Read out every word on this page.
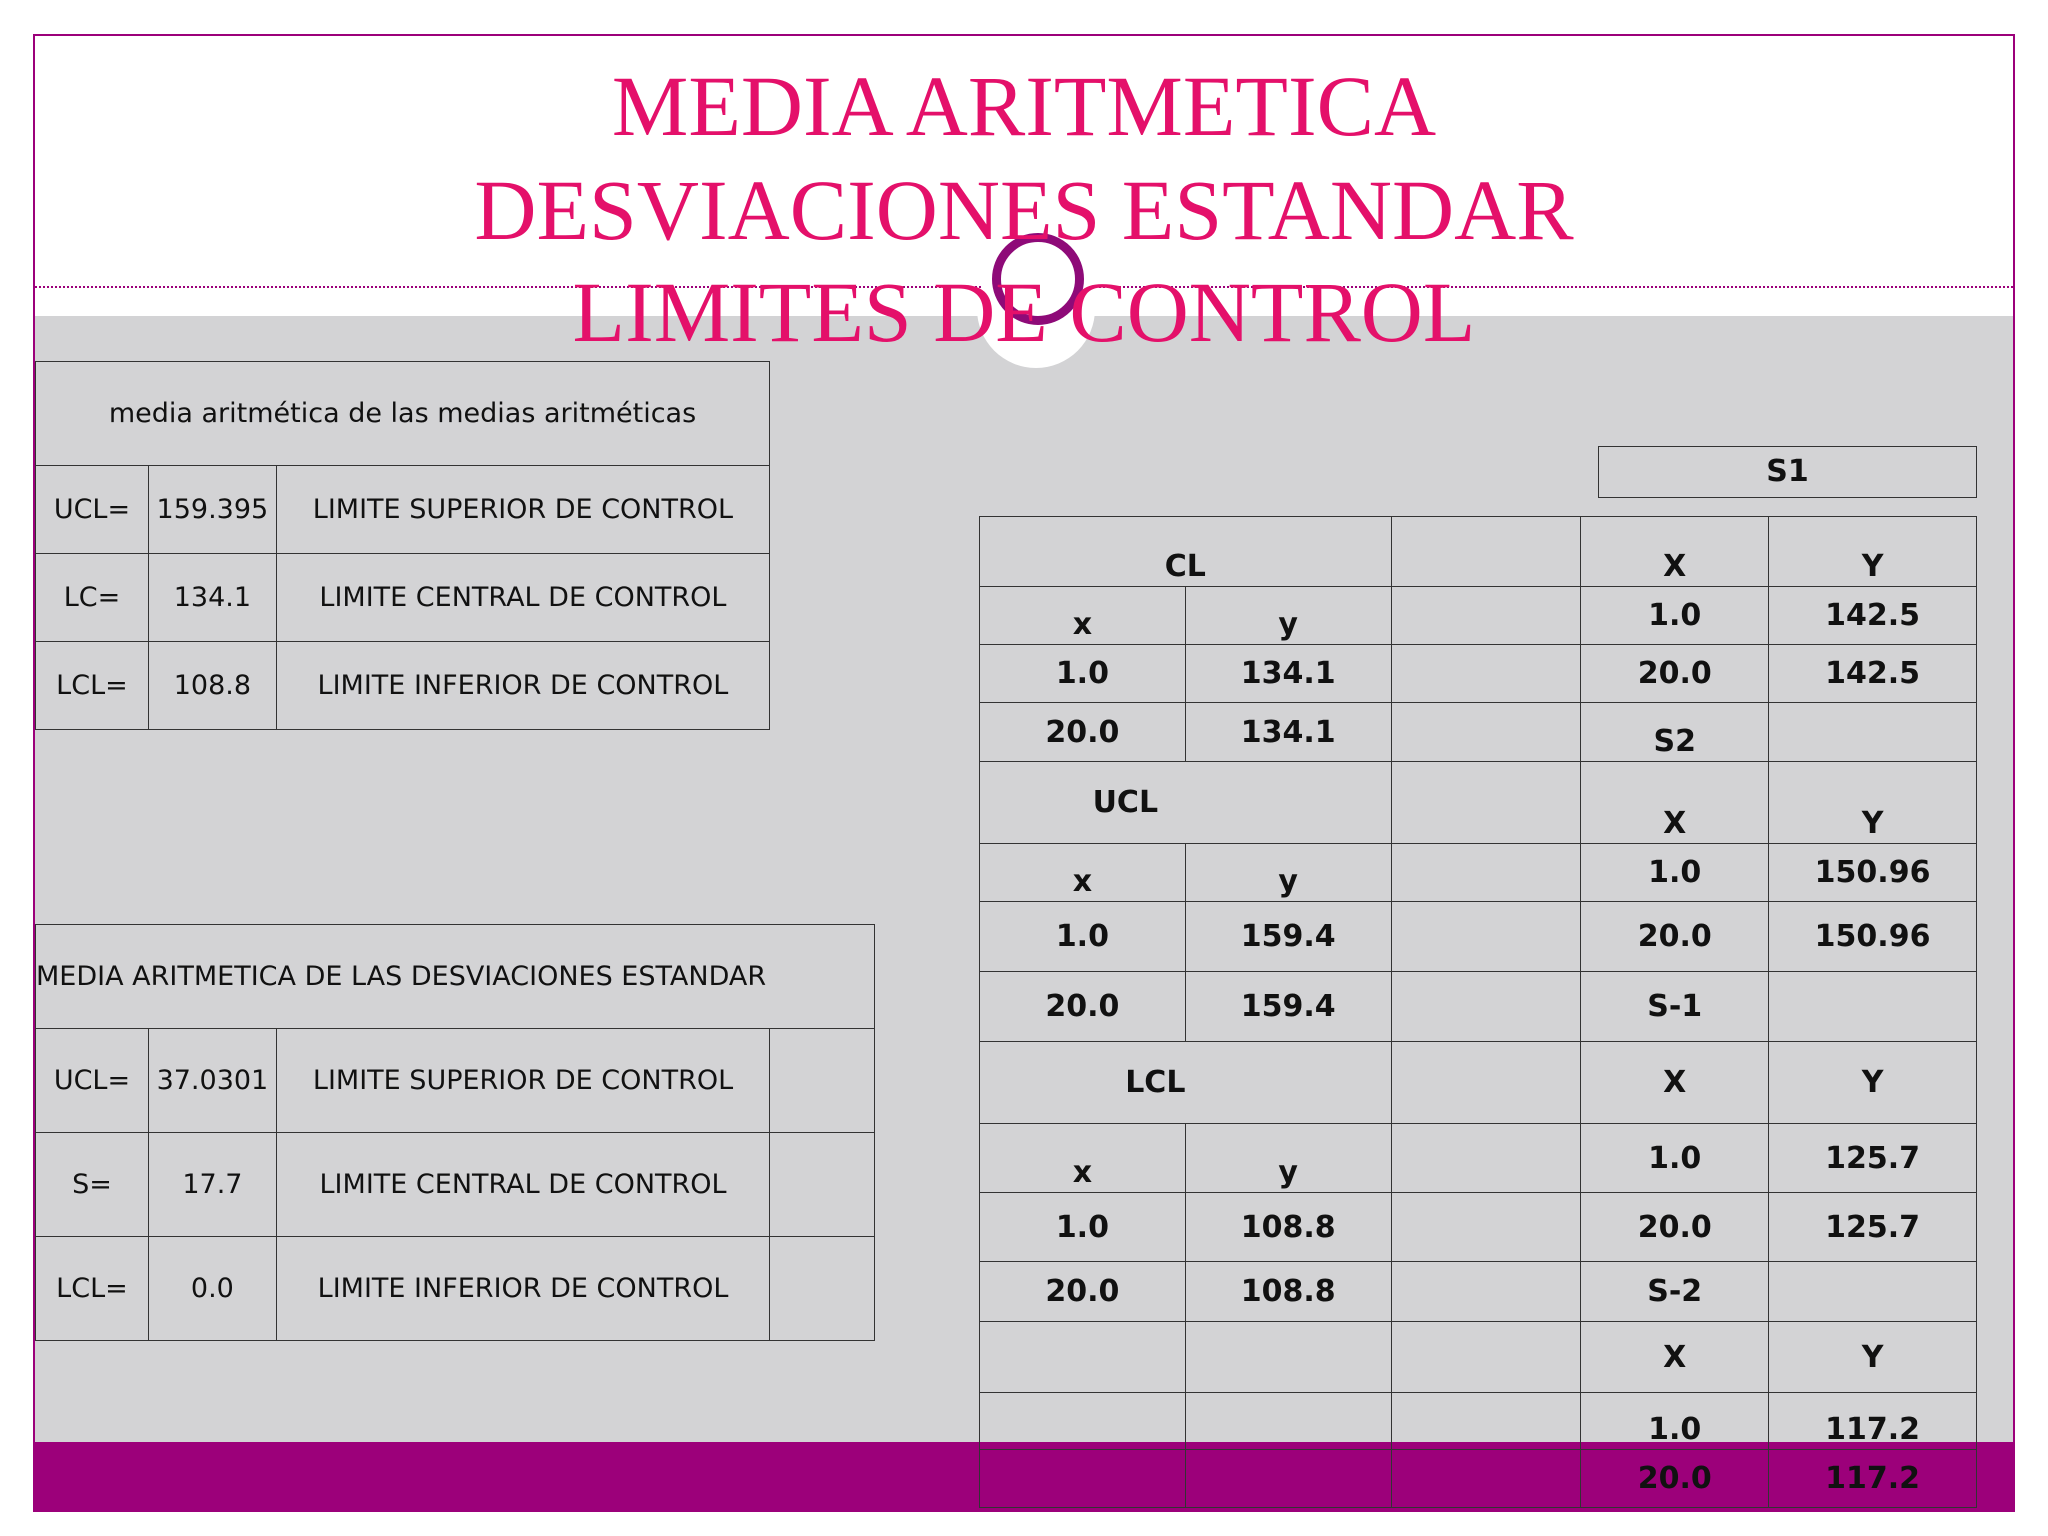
MEDIA ARITMETICA
DESVIACIONES ESTANDAR
LIMITES DE CONTROL
media aritmética de las medias aritméticas		
UCL=	159.395	LIMITE SUPERIOR DE CONTROL
LC=	134.1	LIMITE CENTRAL DE CONTROL
LCL=	108.8	LIMITE INFERIOR DE CONTROL
MEDIA ARITMETICA DE LAS DESVIACIONES ESTANDAR			
UCL=	37.0301	LIMITE SUPERIOR DE CONTROL	
S=	17.7	LIMITE CENTRAL DE CONTROL	
LCL=	0.0	LIMITE INFERIOR DE CONTROL	
S1
CL			X	Y
x	y		1.0	142.5
1.0	134.1		20.0	142.5
20.0	134.1		S2	
UCL			X	Y
x	y		1.0	150.96
1.0	159.4		20.0	150.96
20.0	159.4		S-1	
LCL			X	Y
x	y		1.0	125.7
1.0	108.8		20.0	125.7
20.0	108.8		S-2	
			X	Y
			1.0	117.2
			20.0	117.2
